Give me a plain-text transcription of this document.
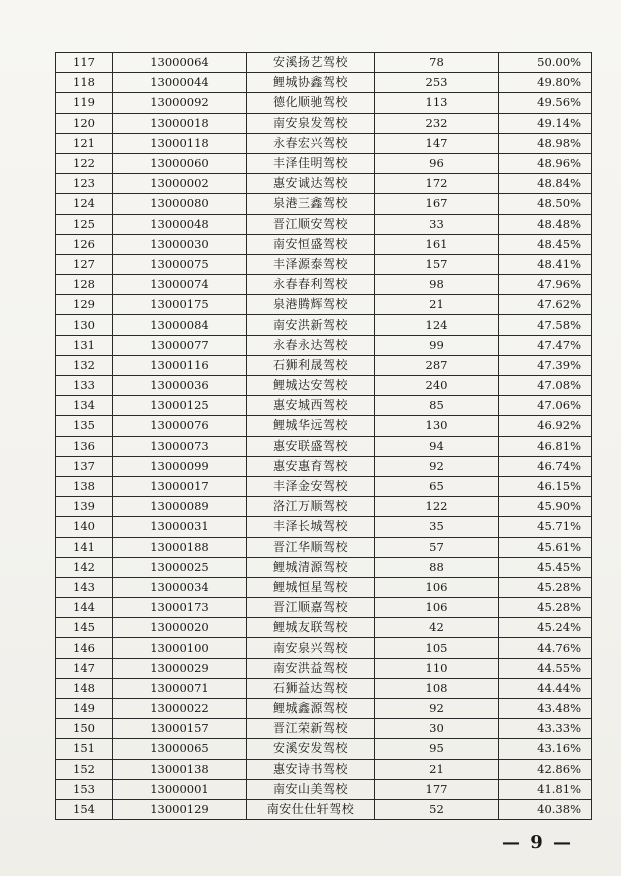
117	13000064	安溪扬艺驾校	78	50.00%
118	13000044	鲤城协鑫驾校	253	49.80%
119	13000092	德化顺驰驾校	113	49.56%
120	13000018	南安泉发驾校	232	49.14%
121	13000118	永春宏兴驾校	147	48.98%
122	13000060	丰泽佳明驾校	96	48.96%
123	13000002	惠安诚达驾校	172	48.84%
124	13000080	泉港三鑫驾校	167	48.50%
125	13000048	晋江顺安驾校	33	48.48%
126	13000030	南安恒盛驾校	161	48.45%
127	13000075	丰泽源泰驾校	157	48.41%
128	13000074	永春春利驾校	98	47.96%
129	13000175	泉港腾辉驾校	21	47.62%
130	13000084	南安洪新驾校	124	47.58%
131	13000077	永春永达驾校	99	47.47%
132	13000116	石狮利晟驾校	287	47.39%
133	13000036	鲤城达安驾校	240	47.08%
134	13000125	惠安城西驾校	85	47.06%
135	13000076	鲤城华远驾校	130	46.92%
136	13000073	惠安联盛驾校	94	46.81%
137	13000099	惠安惠育驾校	92	46.74%
138	13000017	丰泽金安驾校	65	46.15%
139	13000089	洛江万顺驾校	122	45.90%
140	13000031	丰泽长城驾校	35	45.71%
141	13000188	晋江华顺驾校	57	45.61%
142	13000025	鲤城清源驾校	88	45.45%
143	13000034	鲤城恒星驾校	106	45.28%
144	13000173	晋江顺嘉驾校	106	45.28%
145	13000020	鲤城友联驾校	42	45.24%
146	13000100	南安泉兴驾校	105	44.76%
147	13000029	南安洪益驾校	110	44.55%
148	13000071	石狮益达驾校	108	44.44%
149	13000022	鲤城鑫源驾校	92	43.48%
150	13000157	晋江荣新驾校	30	43.33%
151	13000065	安溪安发驾校	95	43.16%
152	13000138	惠安诗书驾校	21	42.86%
153	13000001	南安山美驾校	177	41.81%
154	13000129	南安仕仕轩驾校	52	40.38%
— 9 —
